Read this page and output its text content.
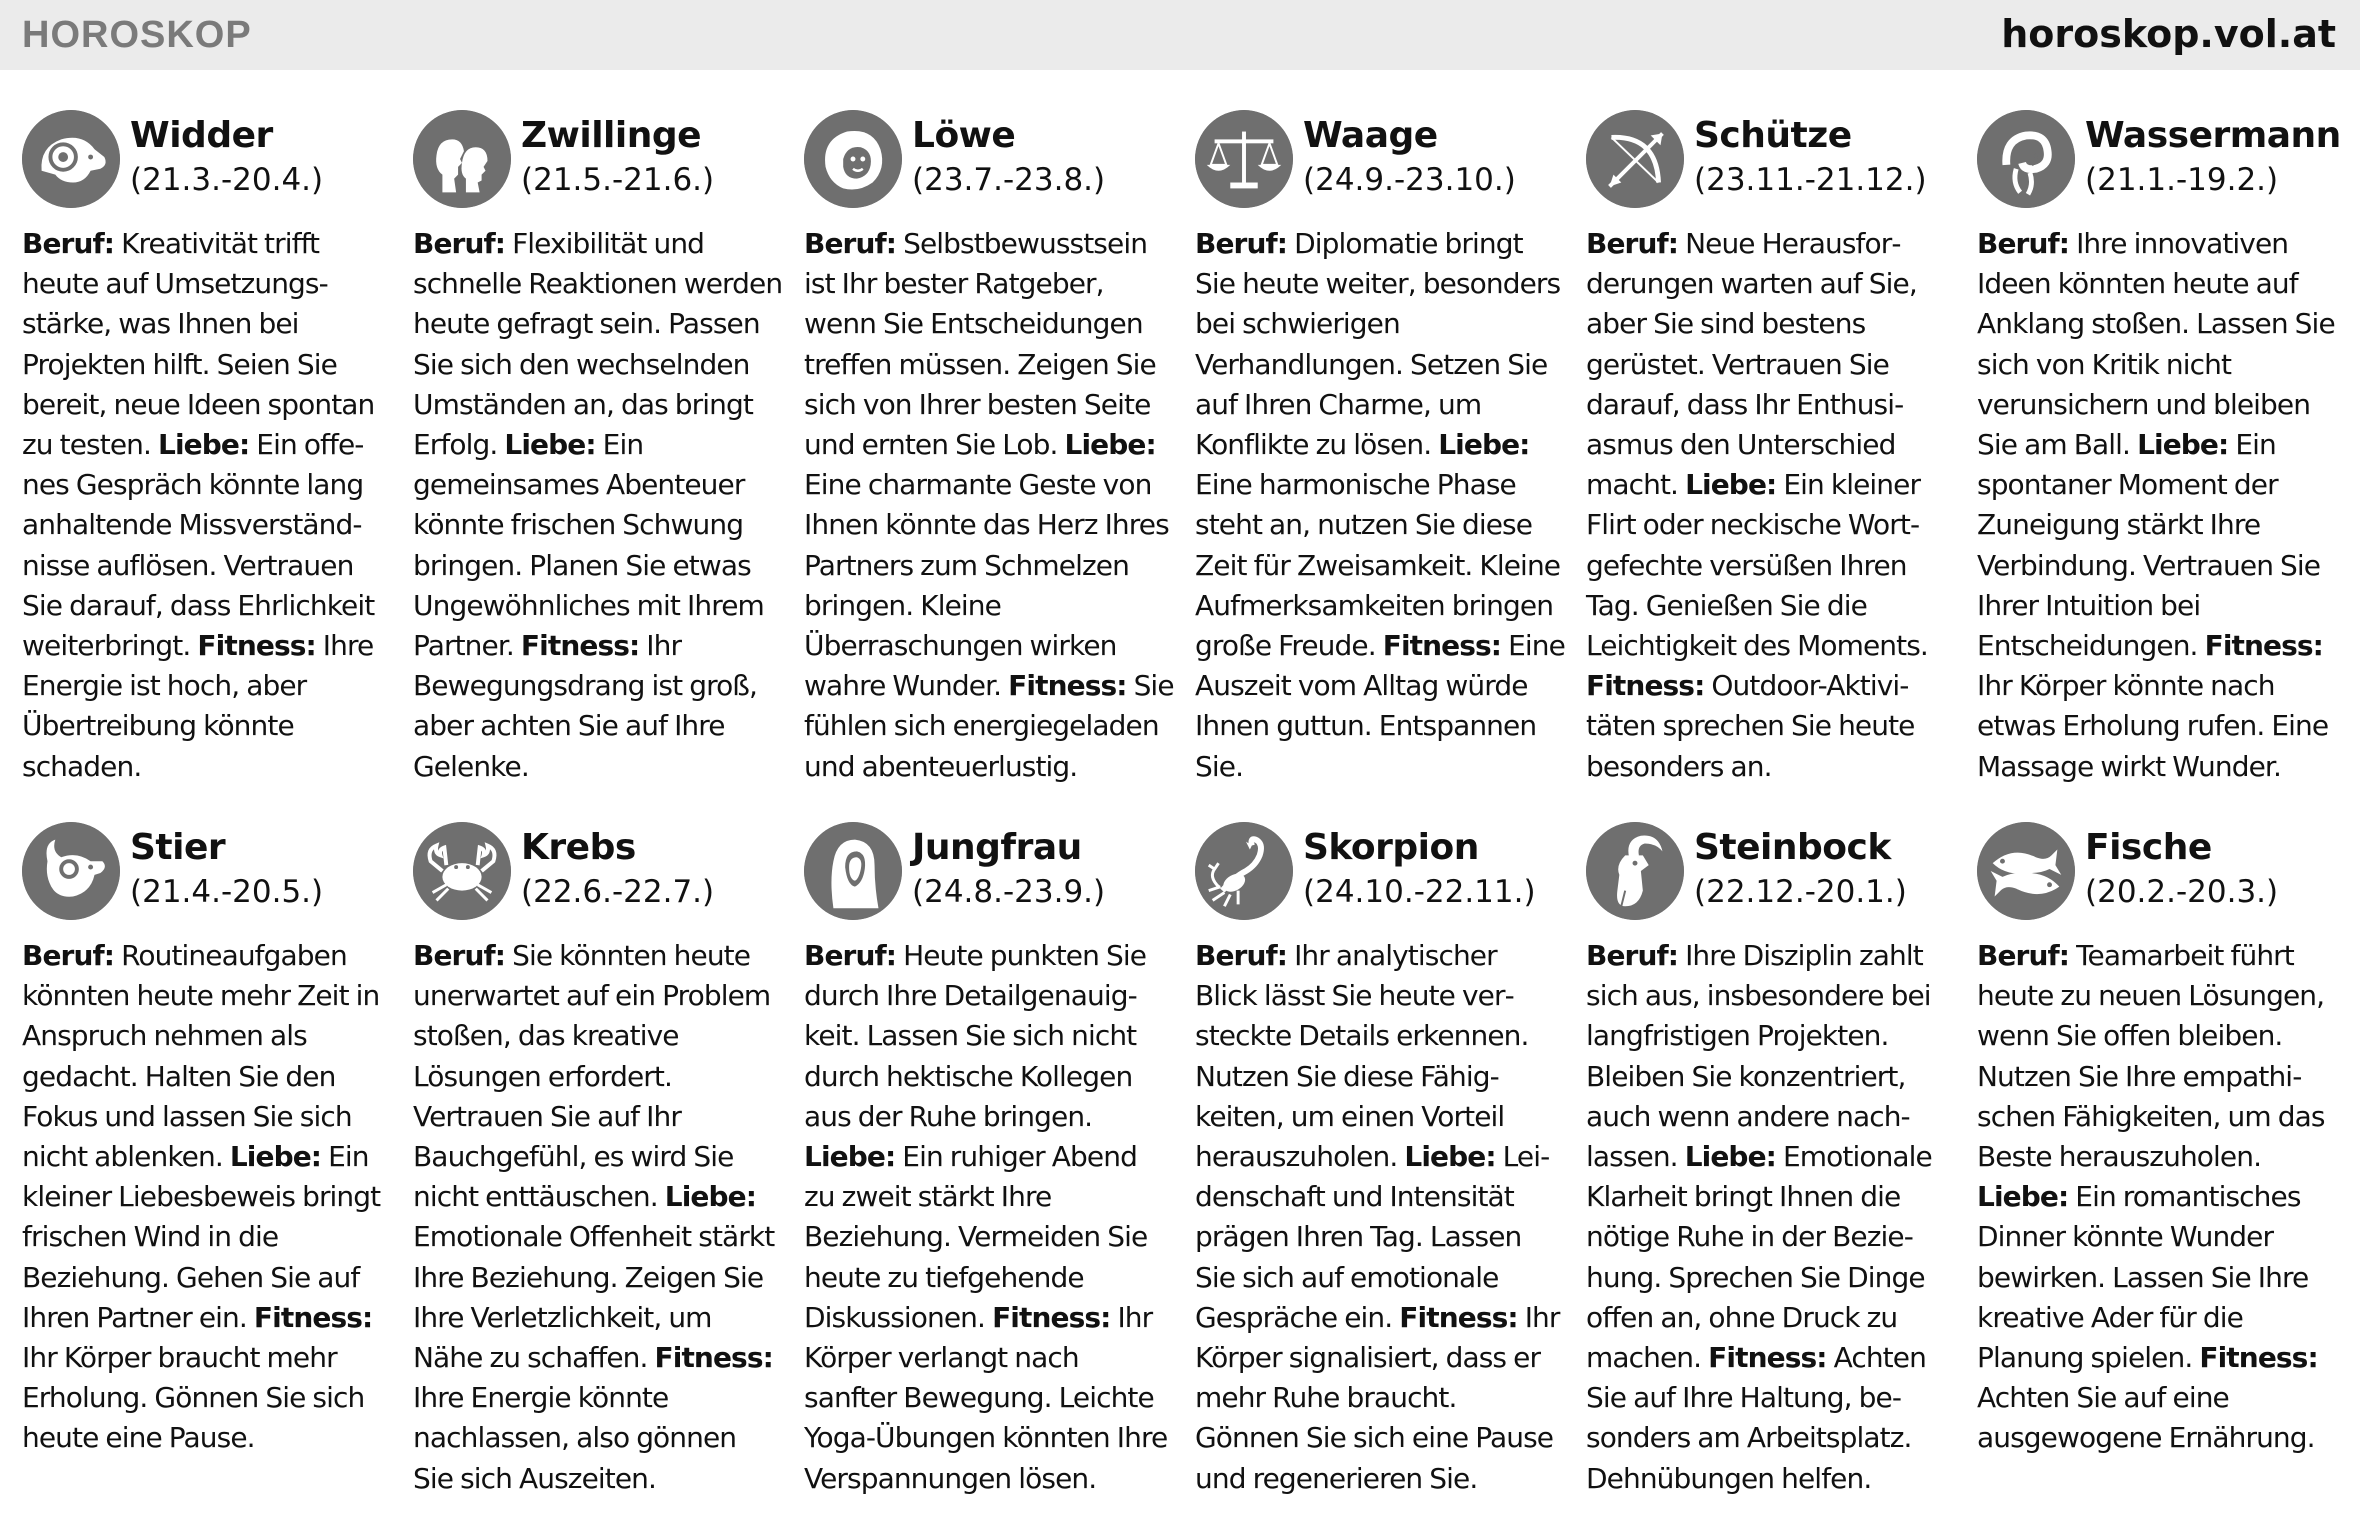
HOROSKOP	horoskop.vol.at
Widder
(21.3.-20.4.)
Beruf: Kreativität trifft heute auf Umsetzungsstärke, was Ihnen bei Projekten hilft. Seien Sie bereit, neue Ideen spontan zu testen. Liebe: Ein offenes Gespräch könnte lang anhaltende Missverständnisse auflösen. Vertrauen Sie darauf, dass Ehrlichkeit weiterbringt. Fitness: Ihre Energie ist hoch, aber Übertreibung könnte schaden.
Zwillinge
(21.5.-21.6.)
Beruf: Flexibilität und schnelle Reaktionen werden heute gefragt sein. Passen Sie sich den wechselnden Umständen an, das bringt Erfolg. Liebe: Ein gemeinsames Abenteuer könnte frischen Schwung bringen. Planen Sie etwas Ungewöhnliches mit Ihrem Partner. Fitness: Ihr Bewegungsdrang ist groß, aber achten Sie auf Ihre Gelenke.
Löwe
(23.7.-23.8.)
Beruf: Selbstbewusstsein ist Ihr bester Ratgeber, wenn Sie Entscheidungen treffen müssen. Zeigen Sie sich von Ihrer besten Seite und ernten Sie Lob. Liebe: Eine charmante Geste von Ihnen könnte das Herz Ihres Partners zum Schmelzen bringen. Kleine Überraschungen wirken wahre Wunder. Fitness: Sie fühlen sich energiegeladen und abenteuerlustig.
Waage
(24.9.-23.10.)
Beruf: Diplomatie bringt Sie heute weiter, besonders bei schwierigen Verhandlungen. Setzen Sie auf Ihren Charme, um Konflikte zu lösen. Liebe: Eine harmonische Phase steht an, nutzen Sie diese Zeit für Zweisamkeit. Kleine Aufmerksamkeiten bringen große Freude. Fitness: Eine Auszeit vom Alltag würde Ihnen guttun. Entspannen Sie.
Schütze
(23.11.-21.12.)
Beruf: Neue Herausforderungen warten auf Sie, aber Sie sind bestens gerüstet. Vertrauen Sie darauf, dass Ihr Enthusiasmus den Unterschied macht. Liebe: Ein kleiner Flirt oder neckische Wortgefechte versüßen Ihren Tag. Genießen Sie die Leichtigkeit des Moments. Fitness: Outdoor-Aktivitäten sprechen Sie heute besonders an.
Wassermann
(21.1.-19.2.)
Beruf: Ihre innovativen Ideen könnten heute auf Anklang stoßen. Lassen Sie sich von Kritik nicht verunsichern und bleiben Sie am Ball. Liebe: Ein spontaner Moment der Zuneigung stärkt Ihre Verbindung. Vertrauen Sie Ihrer Intuition bei Entscheidungen. Fitness: Ihr Körper könnte nach etwas Erholung rufen. Eine Massage wirkt Wunder.
Stier
(21.4.-20.5.)
Beruf: Routineaufgaben könnten heute mehr Zeit in Anspruch nehmen als gedacht. Halten Sie den Fokus und lassen Sie sich nicht ablenken. Liebe: Ein kleiner Liebesbeweis bringt frischen Wind in die Beziehung. Gehen Sie auf Ihren Partner ein. Fitness: Ihr Körper braucht mehr Erholung. Gönnen Sie sich heute eine Pause.
Krebs
(22.6.-22.7.)
Beruf: Sie könnten heute unerwartet auf ein Problem stoßen, das kreative Lösungen erfordert. Vertrauen Sie auf Ihr Bauchgefühl, es wird Sie nicht enttäuschen. Liebe: Emotionale Offenheit stärkt Ihre Beziehung. Zeigen Sie Ihre Verletzlichkeit, um Nähe zu schaffen. Fitness: Ihre Energie könnte nachlassen, also gönnen Sie sich Auszeiten.
Jungfrau
(24.8.-23.9.)
Beruf: Heute punkten Sie durch Ihre Detailgenauigkeit. Lassen Sie sich nicht durch hektische Kollegen aus der Ruhe bringen. Liebe: Ein ruhiger Abend zu zweit stärkt Ihre Beziehung. Vermeiden Sie heute zu tiefgehende Diskussionen. Fitness: Ihr Körper verlangt nach sanfter Bewegung. Leichte Yoga-Übungen könnten Ihre Verspannungen lösen.
Skorpion
(24.10.-22.11.)
Beruf: Ihr analytischer Blick lässt Sie heute versteckte Details erkennen. Nutzen Sie diese Fähigkeiten, um einen Vorteil herauszuholen. Liebe: Leidenschaft und Intensität prägen Ihren Tag. Lassen Sie sich auf emotionale Gespräche ein. Fitness: Ihr Körper signalisiert, dass er mehr Ruhe braucht. Gönnen Sie sich eine Pause und regenerieren Sie.
Steinbock
(22.12.-20.1.)
Beruf: Ihre Disziplin zahlt sich aus, insbesondere bei langfristigen Projekten. Bleiben Sie konzentriert, auch wenn andere nachlassen. Liebe: Emotionale Klarheit bringt Ihnen die nötige Ruhe in der Beziehung. Sprechen Sie Dinge offen an, ohne Druck zu machen. Fitness: Achten Sie auf Ihre Haltung, besonders am Arbeitsplatz. Dehnübungen helfen.
Fische
(20.2.-20.3.)
Beruf: Teamarbeit führt heute zu neuen Lösungen, wenn Sie offen bleiben. Nutzen Sie Ihre empathischen Fähigkeiten, um das Beste herauszuholen. Liebe: Ein romantisches Dinner könnte Wunder bewirken. Lassen Sie Ihre kreative Ader für die Planung spielen. Fitness: Achten Sie auf eine ausgewogene Ernährung.
